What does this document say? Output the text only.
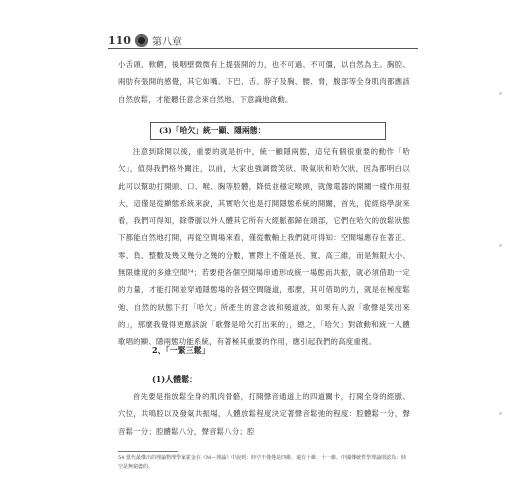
110 第八章
小舌頭、軟齶，後咽壁微微有上提張開的力，也不可過、不可僵，以自然為主。胸腔、兩肋有張開的感覺，其它如嘴、下巴、舌、脖子及胸、腰、脅，腹部等全身肌肉都應該自然放鬆，才能聽任意念來自然地、下意識地啟動。
(3)「哈欠」統一顯、隱兩態：
注意到除開以後，重要的就是折中，統一顧隱兩態，這兒有個很重要的動作「哈欠」，值得我們格外關注，以前，大家也強調微笑狀、吸氣狀和哈欠狀，因為都明白以此可以幫助打開頭、口、喉、胸等腔體，降低並穩定喉頭，就像電器的開關一樣作用很大，這僅是從顯態系統來說，其實哈欠也是打開隱態系統的開關，首先，從經絡學說來看，我們可得知，除帶脈以外人體其它所有大經脈都歸在頭部，它們在哈欠的放鬆狀態下都能自然地打開，再從空間場來看，僅從數軸上我們就可得知：空間場應存在著正、零、負、整數及幾又幾分之幾的分數，實際上不僅是長、寬、高三維，而是無限大小、無限維度的多維空間⁵⁴；若要使各個空間場串通形成統一場態而共振，就必須借助一定的力量，才能打開並穿通隱態場的各個空間隧道，那麼，其可借助的力，就是在極度鬆弛、自然的狀態下打「哈欠」所產生的意念波和頻道波，如果有人說「歌聲是笑出來的」，那麼我覺得更應該說「歌聲是哈欠打出來的」，總之，「哈欠」對啟動和統一人體歌唱的顯、隱兩態功能系統，有著極其重要的作用，應引起我們的高度重視。
2、「一緊三鬆」
(1)人體鬆：
首先要是指放鬆全身的肌肉骨骼，打開聲音通道上的四道關卡，打開全身的經脈、穴位，共鳴腔以及發氣共振場，人體放鬆程度決定著聲音鬆弛的程度：腔體鬆一分，聲音鬆一分；腔體鬆八分，聲音鬆八分；腔
54 當代最傑出的理論物理學家霍金在《M—理論》中說到：時空不僅僅是四維，還有十維、十一維。中國傳統哲學理論則認為：時空是無窮盡的。
